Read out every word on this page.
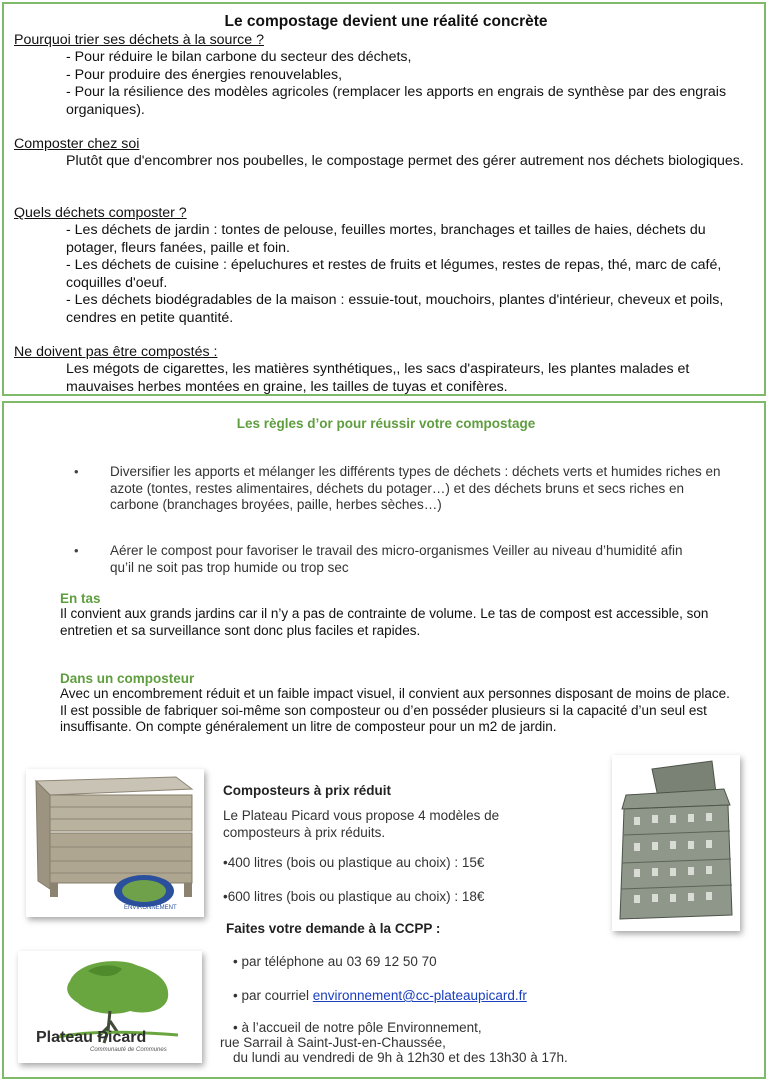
Le compostage devient une réalité concrète
Pourquoi trier ses déchets à la source ?
- Pour réduire le bilan carbone du secteur des déchets,
- Pour produire des énergies renouvelables,
- Pour la résilience des modèles agricoles (remplacer les apports en engrais de synthèse par des engrais organiques).
Composter chez soi
Plutôt que d'encombrer nos poubelles, le compostage permet des gérer autrement nos déchets biologiques.
Quels déchets composter ?
- Les déchets de jardin : tontes de pelouse, feuilles mortes, branchages et tailles de haies, déchets du potager, fleurs fanées, paille et foin.
- Les déchets de cuisine : épeluchures et restes de fruits et légumes, restes de repas, thé, marc de café, coquilles d'oeuf.
- Les déchets biodégradables de la maison : essuie-tout, mouchoirs, plantes d'intérieur, cheveux et poils, cendres en petite quantité.
Ne doivent pas être compostés :
Les mégots de cigarettes, les matières synthétiques,, les sacs d'aspirateurs, les plantes malades et mauvaises herbes montées en graine, les tailles de tuyas et conifères.
Les règles d’or pour réussir votre compostage
• Diversifier les apports et mélanger les différents types de déchets : déchets verts et humides riches en azote (tontes, restes alimentaires, déchets du potager…) et des déchets bruns et secs riches en carbone (branchages broyées, paille, herbes sèches…)
• Aérer le compost pour favoriser le travail des micro-organismes Veiller au niveau d’humidité afin qu’il ne soit pas trop humide ou trop sec
En tas
Il convient aux grands jardins car il n’y a pas de contrainte de volume. Le tas de compost est accessible, son entretien et sa surveillance sont donc plus faciles et rapides.
Dans un composteur
Avec un encombrement réduit et un faible impact visuel, il convient aux personnes disposant de moins de place. Il est possible de fabriquer soi-même son composteur ou d’en posséder plusieurs si la capacité d’un seul est insuffisante. On compte généralement un litre de composteur pour un m2 de jardin.
ENVIRONNEMENT
Composteurs à prix réduit
Le Plateau Picard vous propose 4 modèles de composteurs à prix réduits.
•400 litres (bois ou plastique au choix) : 15€
•600 litres (bois ou plastique au choix) : 18€
Faites votre demande à la CCPP :
• par téléphone au 03 69 12 50 70
• par courriel environnement@cc-plateaupicard.fr
• à l’accueil de notre pôle Environnement,
rue Sarrail à Saint-Just-en-Chaussée,
du lundi au vendredi de 9h à 12h30 et des 13h30 à 17h.
Plateau Picard
Communauté de Communes
